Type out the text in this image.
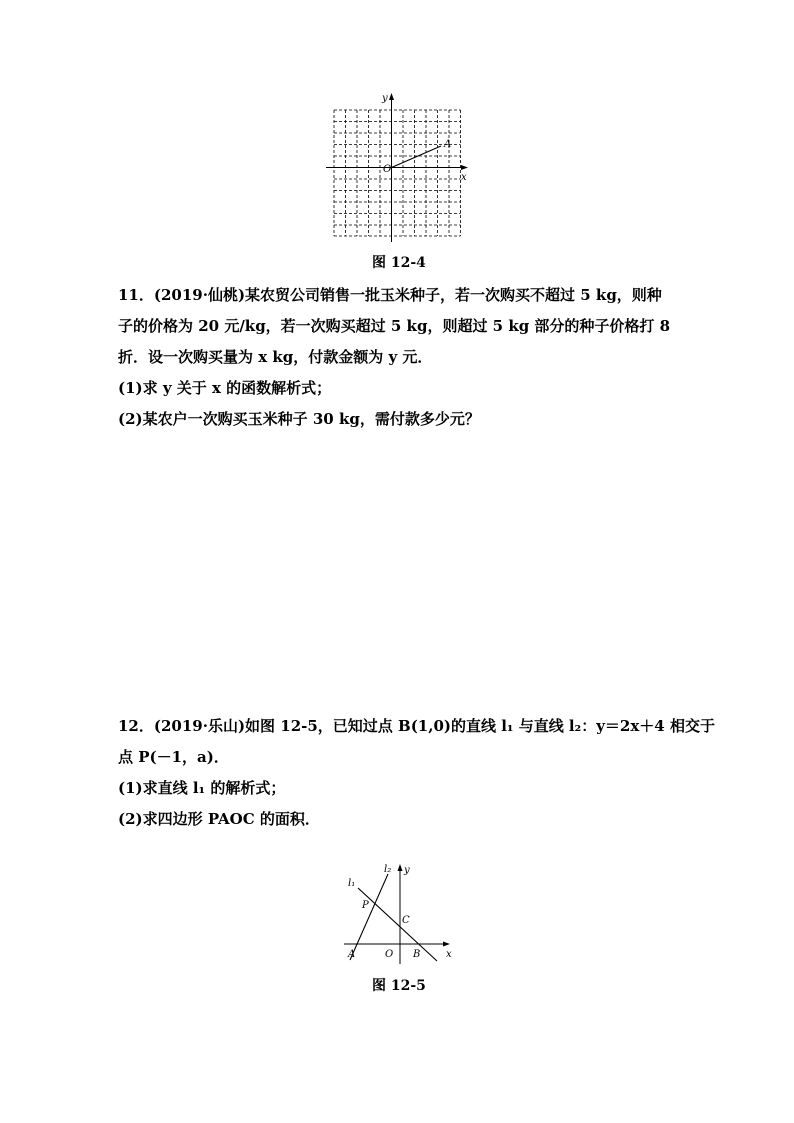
y
x
O
A
图 12-4
11．(2019·仙桃)某农贸公司销售一批玉米种子，若一次购买不超过 5 kg，则种
子的价格为 20 元/kg，若一次购买超过 5 kg，则超过 5 kg 部分的种子价格打 8
折．设一次购买量为 x kg，付款金额为 y 元．
(1)求 y 关于 x 的函数解析式；
(2)某农户一次购买玉米种子 30 kg，需付款多少元？
12．(2019·乐山)如图 12-5，已知过点 B(1,0)的直线 l₁ 与直线 l₂：y＝2x＋4 相交于
点 P(－1，a)．
(1)求直线 l₁ 的解析式；
(2)求四边形 PAOC 的面积．
l₁
l₂ y
x
P
C
A	O B
图 12-5
